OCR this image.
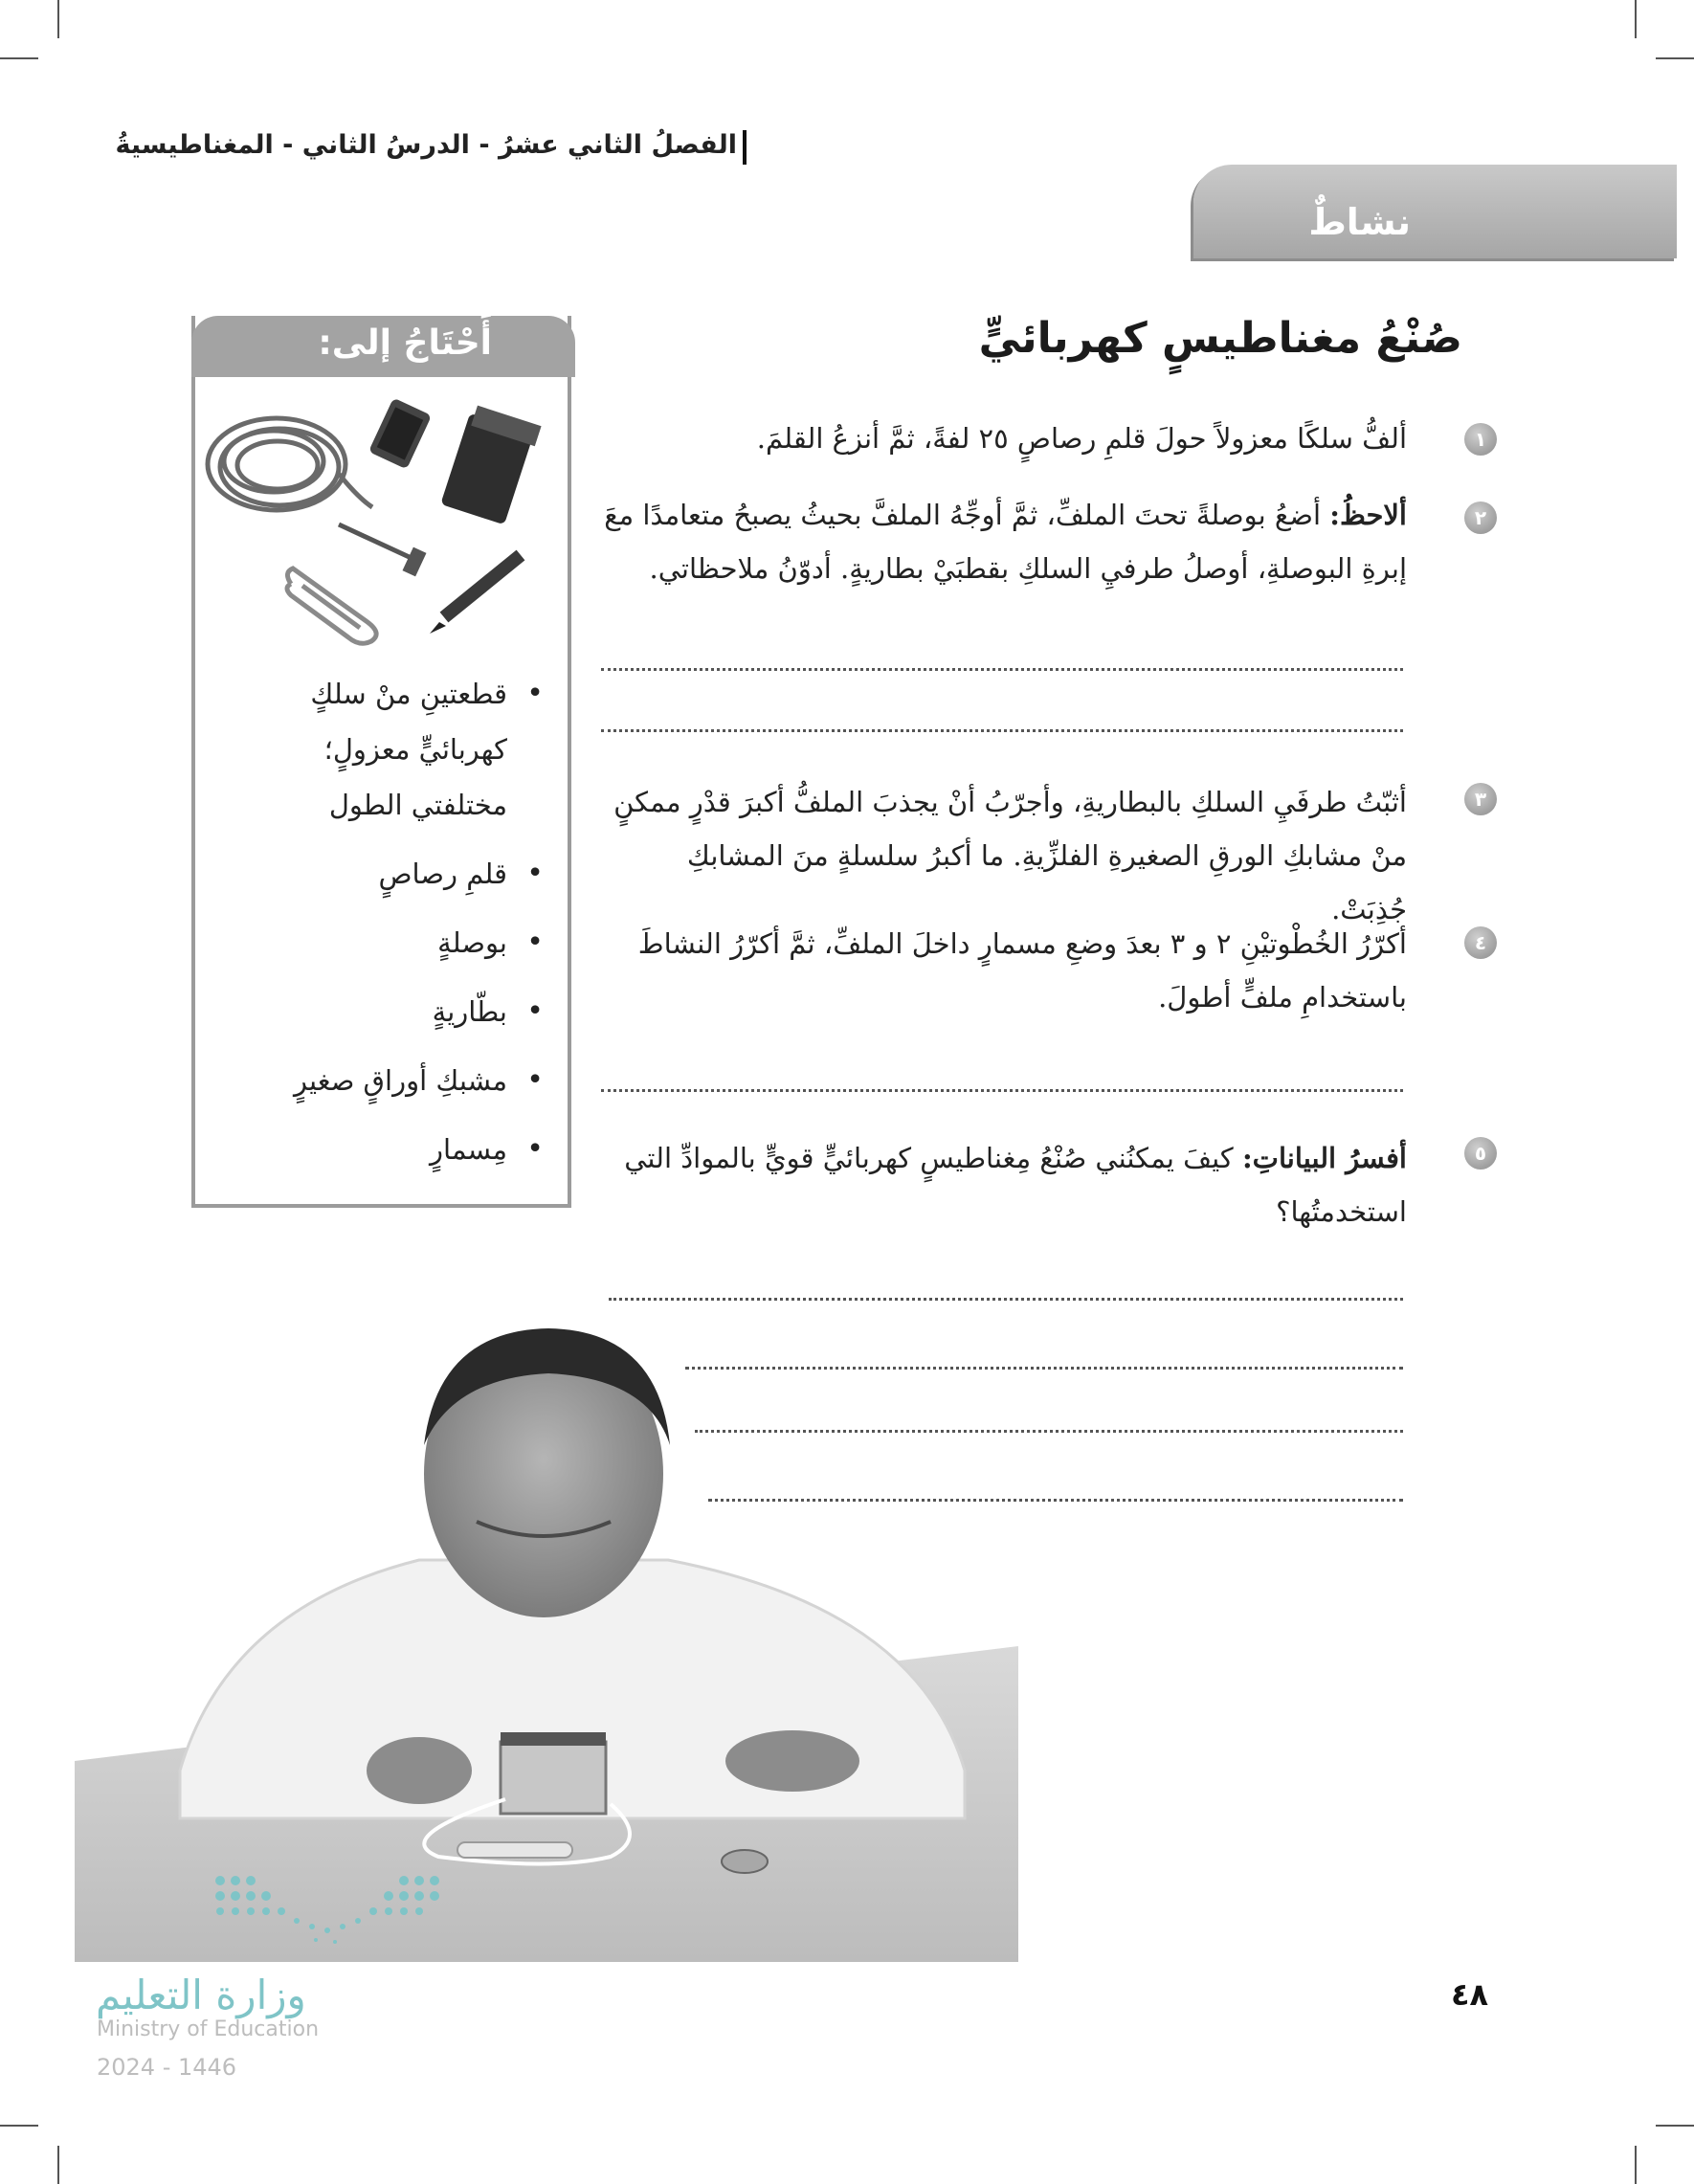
الفصلُ الثاني عشرُ - الدرسُ الثاني - المغناطيسيةُ
نشاطٌ
صُنْعُ مغناطيسٍ كهربائيٍّ
١
ألفُّ سلكًا معزولاً حولَ قلمِ رصاصٍ ٢٥ لفةً، ثمَّ أنزعُ القلمَ.
٢
ألاحظُ: أضعُ بوصلةً تحتَ الملفِّ، ثمَّ أوجِّهُ الملفَّ بحيثُ يصبحُ متعامدًا معَ إبرةِ البوصلةِ، أوصلُ طرفيِ السلكِ بقطبَيْ بطاريةٍ. أدوّنُ ملاحظاتي.
٣
أثبّتُ طرفَيِ السلكِ بالبطاريةِ، وأجرّبُ أنْ يجذبَ الملفُّ أكبرَ قدْرٍ ممكنٍ منْ مشابكِ الورقِ الصغيرةِ الفلزِّيةِ. ما أكبرُ سلسلةٍ منَ المشابكِ جُذِبَتْ.
٤
أكرّرُ الخُطْوتيْنِ ٢ و ٣ بعدَ وضعِ مسمارٍ داخلَ الملفِّ، ثمَّ أكرّرُ النشاطَ باستخدامِ ملفٍّ أطولَ.
٥
أفسرُ البياناتِ: كيفَ يمكنُني صُنْعُ مِغناطيسٍ كهربائيٍّ قويٍّ بالموادِّ التي استخدمتُها؟
أَحْتَاجُ إلى:
• قطعتينِ منْ سلكٍ كهربائيٍّ معزولٍ؛ مختلفتي الطول
• قلمِ رصاصٍ
• بوصلةٍ
• بطّاريةٍ
• مشبكِ أوراقٍ صغيرٍ
• مِسمارٍ
وزارة التعليم
Ministry of Education
2024 - 1446
٤٨
